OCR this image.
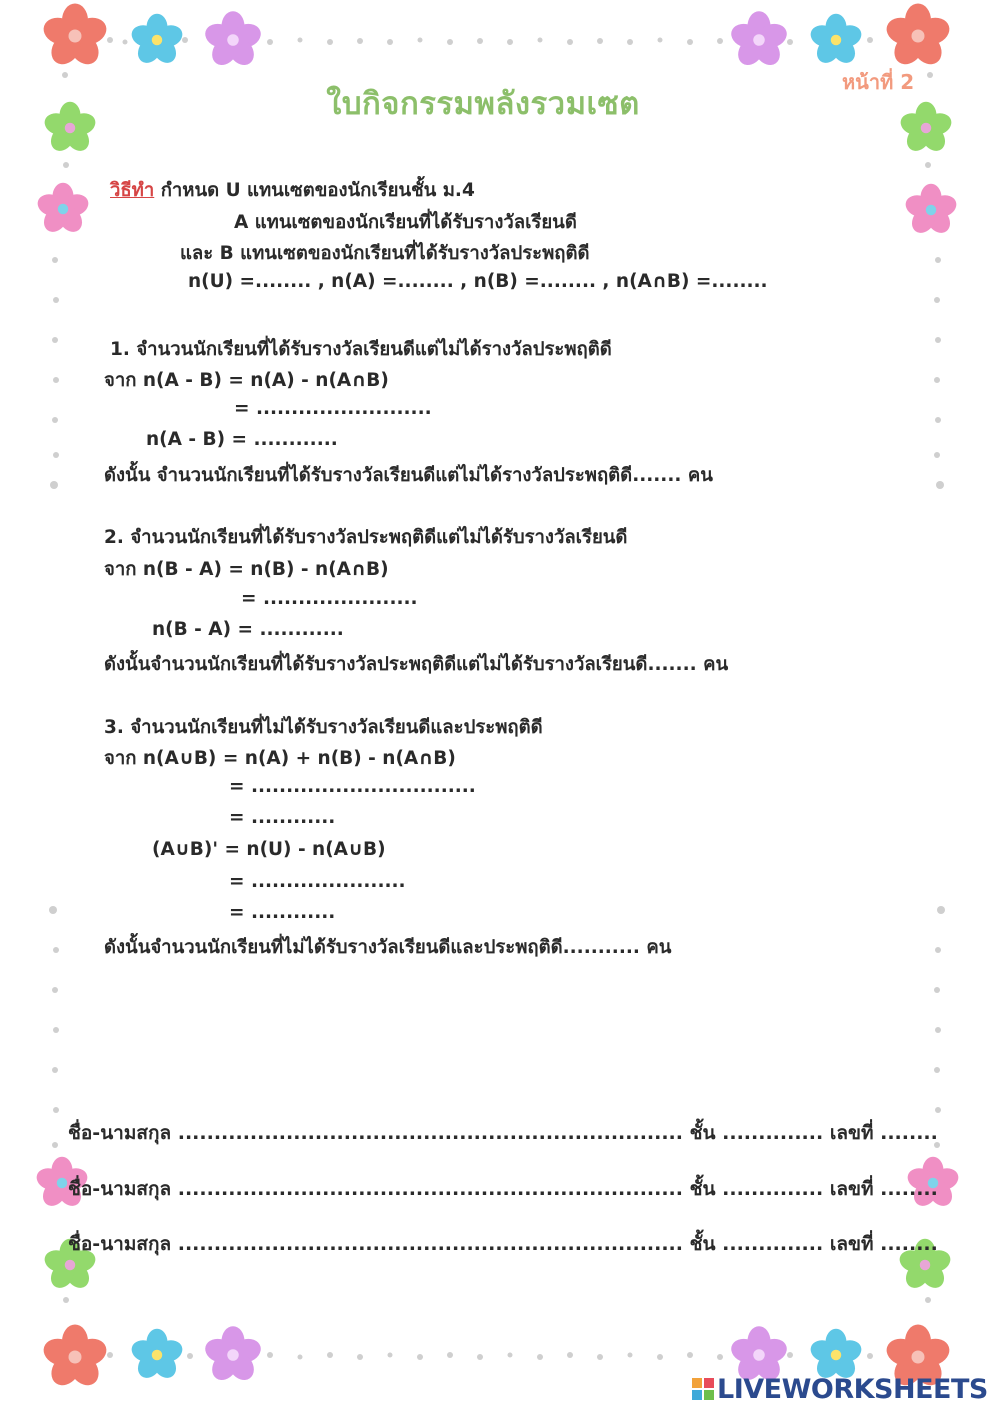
ใบกิจกรรมพลังรวมเซต
หน้าที่ 2
วิธีทำ กำหนด U แทนเซตของนักเรียนชั้น ม.4
A แทนเซตของนักเรียนที่ได้รับรางวัลเรียนดี
และ B แทนเซตของนักเรียนที่ได้รับรางวัลประพฤติดี
n(U) =........ , n(A) =........ , n(B) =........ , n(A∩B) =........
1. จำนวนนักเรียนที่ได้รับรางวัลเรียนดีแต่ไม่ได้รางวัลประพฤติดี
จาก n(A - B) = n(A) - n(A∩B)
= .........................
n(A - B) = ............
ดังนั้น จำนวนนักเรียนที่ได้รับรางวัลเรียนดีแต่ไม่ได้รางวัลประพฤติดี....... คน
2. จำนวนนักเรียนที่ได้รับรางวัลประพฤติดีแต่ไม่ได้รับรางวัลเรียนดี
จาก n(B - A) = n(B) - n(A∩B)
= ......................
n(B - A) = ............
ดังนั้นจำนวนนักเรียนที่ได้รับรางวัลประพฤติดีแต่ไม่ได้รับรางวัลเรียนดี....... คน
3. จำนวนนักเรียนที่ไม่ได้รับรางวัลเรียนดีและประพฤติดี
จาก n(A∪B) = n(A) + n(B) - n(A∩B)
= ................................
= ............
(A∪B)' = n(U) - n(A∪B)
= ......................
= ............
ดังนั้นจำนวนนักเรียนที่ไม่ได้รับรางวัลเรียนดีและประพฤติดี........... คน
ชื่อ-นามสกุล ...................................................................... ชั้น .............. เลขที่ ........
ชื่อ-นามสกุล ...................................................................... ชั้น .............. เลขที่ ........
ชื่อ-นามสกุล ...................................................................... ชั้น .............. เลขที่ ........
LIVEWORKSHEETS
